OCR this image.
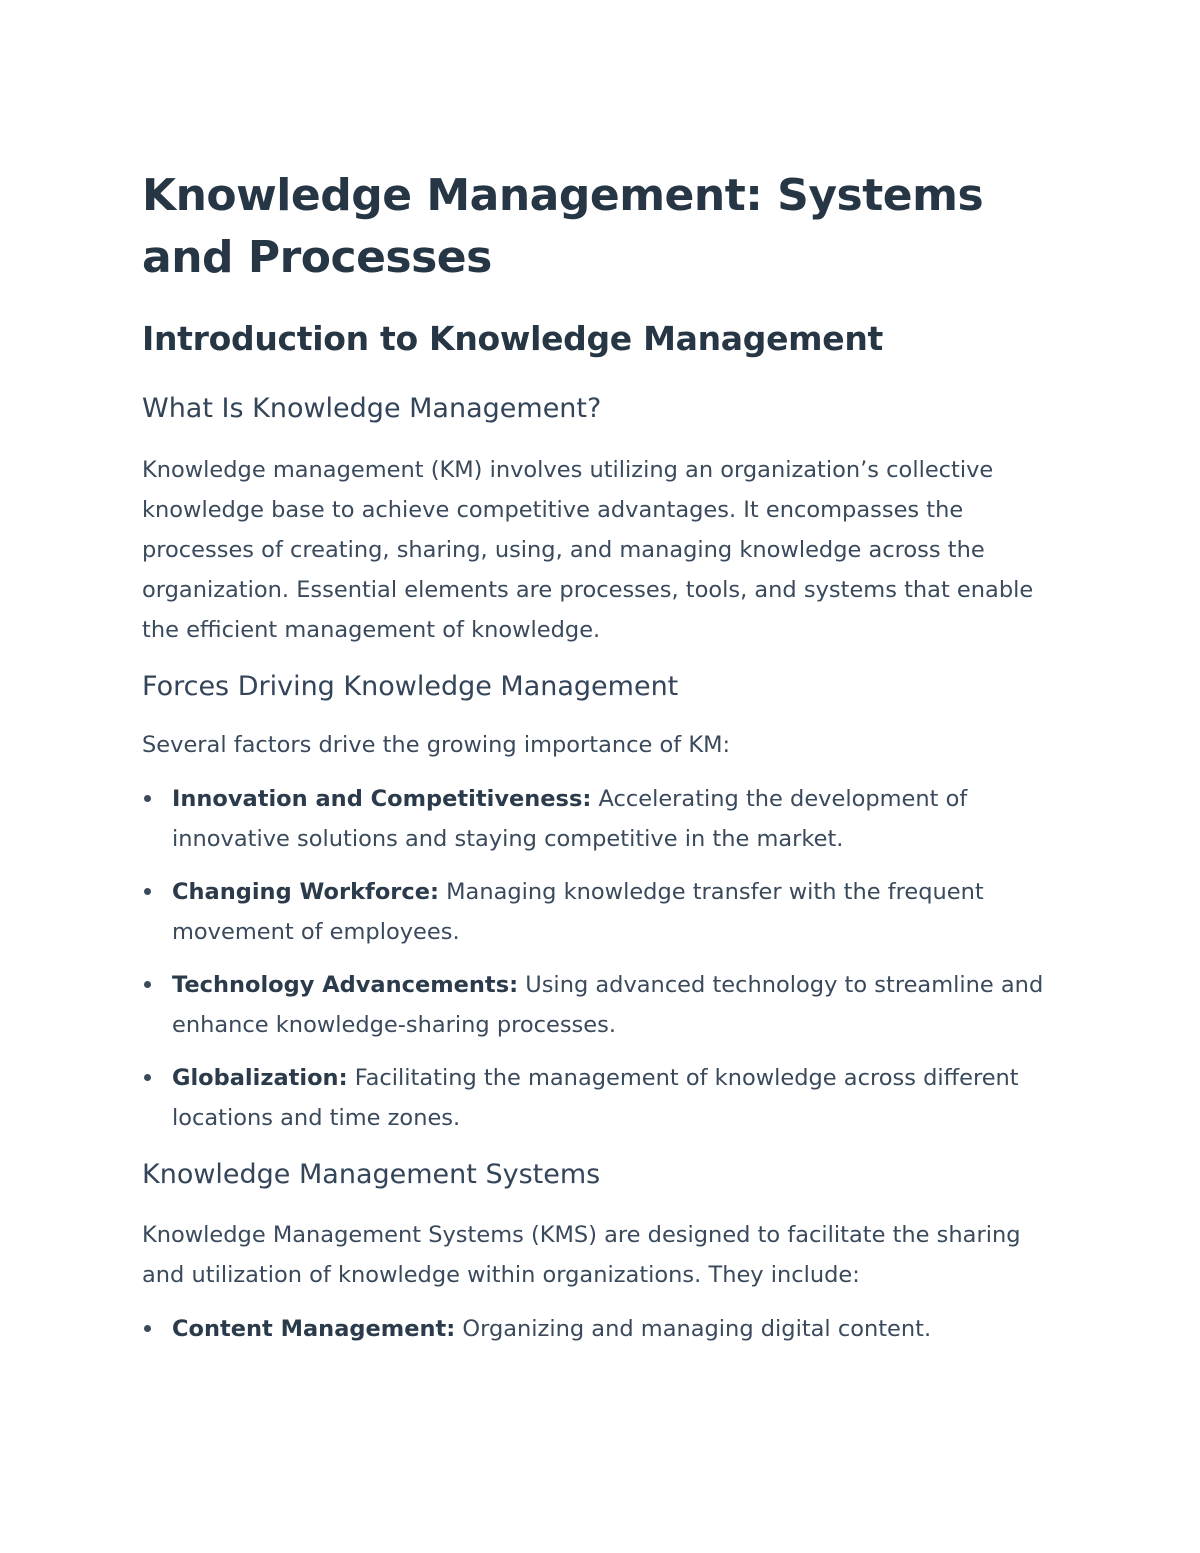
Knowledge Management: Systems and Processes
Introduction to Knowledge Management
What Is Knowledge Management?

Knowledge management (KM) involves utilizing an organization’s collective knowledge base to achieve competitive advantages. It encompasses the processes of creating, sharing, using, and managing knowledge across the organization. Essential elements are processes, tools, and systems that enable the efficient management of knowledge.

Forces Driving Knowledge Management

Several factors drive the growing importance of KM:

Innovation and Competitiveness: Accelerating the development of innovative solutions and staying competitive in the market.
Changing Workforce: Managing knowledge transfer with the frequent movement of employees.
Technology Advancements: Using advanced technology to streamline and enhance knowledge-sharing processes.
Globalization: Facilitating the management of knowledge across different locations and time zones.
Knowledge Management Systems

Knowledge Management Systems (KMS) are designed to facilitate the sharing and utilization of knowledge within organizations. They include:

Content Management: Organizing and managing digital content.
